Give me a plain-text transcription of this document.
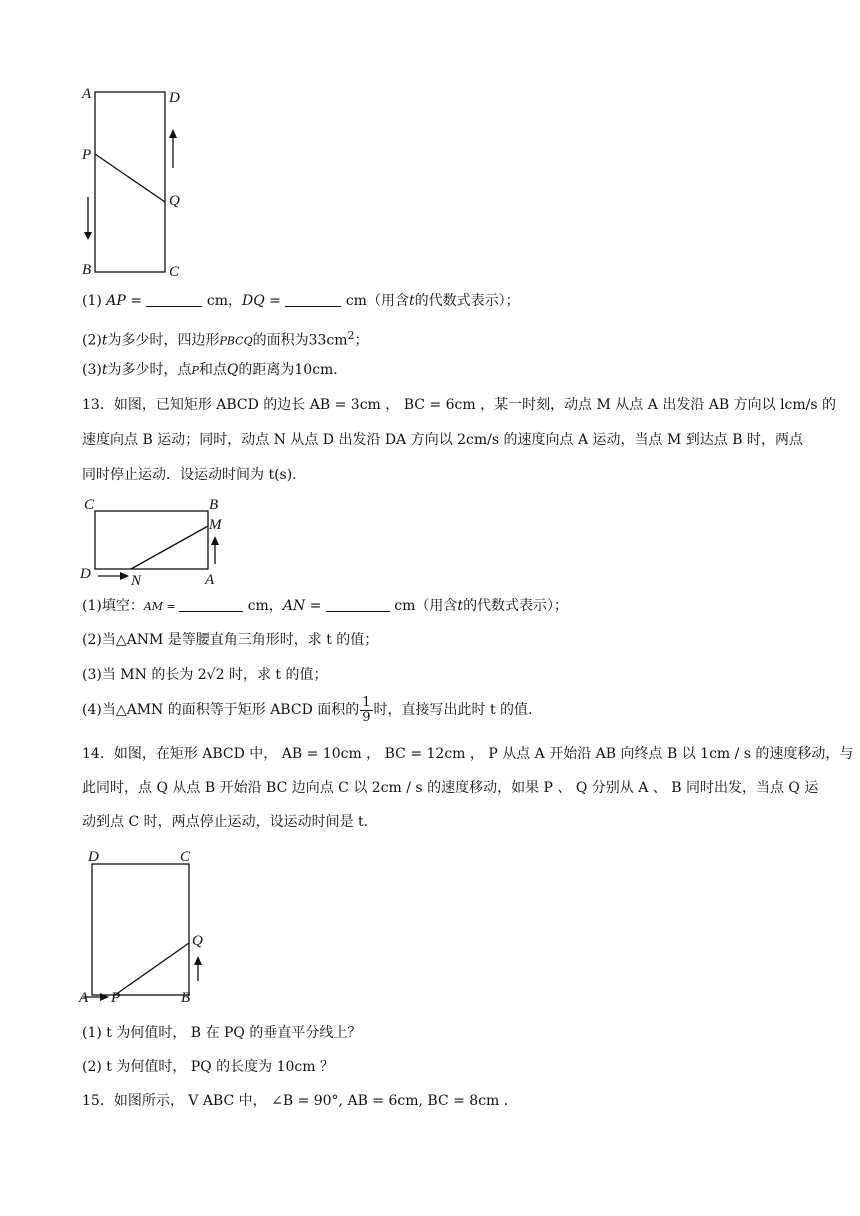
A	D
P
Q
B	C
(1) AP =	cm，DQ =	cm（用含t的代数式表示）；
(2)t为多少时，四边形PBCQ的面积为$33cm^2$；
(3)t为多少时，点P和点Q的距离为10cm．
13．如图，已知矩形 ABCD 的边长 AB = 3cm ， BC = 6cm ，某一时刻，动点 M 从点 A 出发沿 AB 方向以 lcm/s 的
速度向点 B 运动；同时，动点 N 从点 D 出发沿 DA 方向以 2cm/s 的速度向点 A 运动，当点 M 到达点 B 时，两点
同时停止运动．设运动时间为 t(s)．
C	B
M
D	N	A
(1)填空：AM =	cm，AN =	cm（用含t的代数式表示）；
(2)当△ANM 是等腰直角三角形时，求 t 的值；
(3)当 MN 的长为 2√2 时，求 t 的值；
(4)当△AMN 的面积等于矩形 ABCD 面积的 $\frac{1}{9}$ 时，直接写出此时 t 的值.
14．如图，在矩形 ABCD 中， AB = 10cm ， BC = 12cm ， P 从点 A 开始沿 AB 向终点 B 以 1cm / s 的速度移动，与
此同时，点 Q 从点 B 开始沿 BC 边向点 C 以 2cm / s 的速度移动，如果 P 、 Q 分别从 A 、 B 同时出发，当点 Q 运
动到点 C 时，两点停止运动，设运动时间是 t．
D	C
Q
A P	B
(1) t 为何值时， B 在 PQ 的垂直平分线上？
(2) t 为何值时， PQ 的长度为 10cm ？
15．如图所示， V ABC 中， ∠B = 90°, AB = 6cm, BC = 8cm ．
